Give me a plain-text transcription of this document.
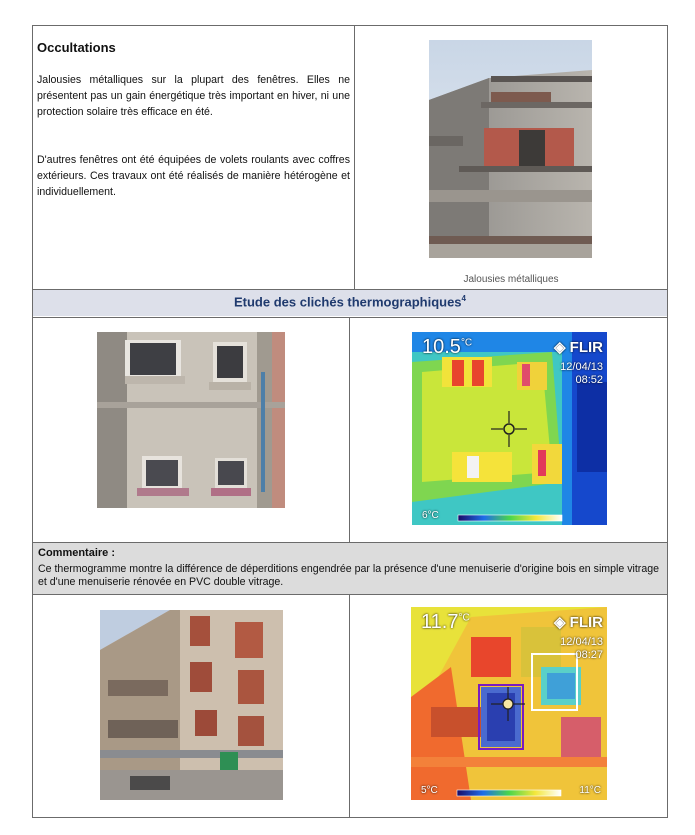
Occultations
Jalousies métalliques sur la plupart des fenêtres. Elles ne présentent pas un gain énergétique très important en hiver, ni une protection solaire très efficace en été.
D'autres fenêtres ont été équipées de volets roulants avec coffres extérieurs. Ces travaux ont été réalisés de manière hétérogène et individuellement.
Jalousies métalliques
Etude des clichés thermographiques$^4$
$10.5^{^\circ C}$	◈ FLIR
12/04/13
08:52
6°C
Commentaire :
Ce thermogramme montre la différence de déperditions engendrée par la présence d'une menuiserie d'origine bois en simple vitrage et d'une menuiserie rénovée en PVC double vitrage.
$11.7^{^\circ C}$	◈ FLIR
12/04/13
08:27
5°C	11°C
